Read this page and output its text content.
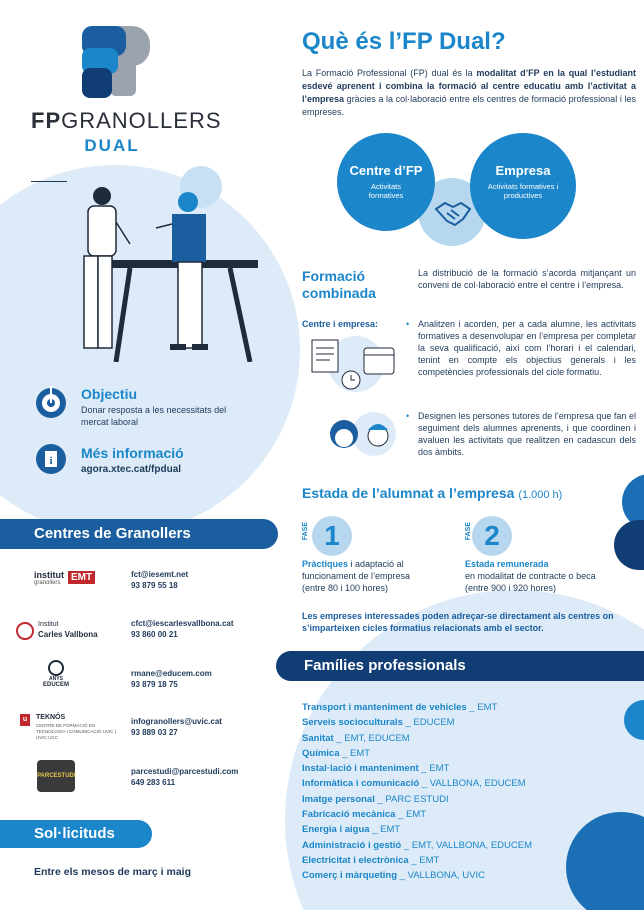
FPGRANOLLERS
DUAL
Què és l’FP Dual?
La Formació Professional (FP) dual és la modalitat d’FP en la qual l’estudiant esdevé aprenent i combina la formació al centre educatiu amb l’activitat a l’empresa gràcies a la col·laboració entre els centres de formació professional i les empreses.
Centre d’FP
Activitats formatives
Empresa
Activitats formatives i productives
Formació combinada
La distribució de la formació s’acorda mitjançant un conveni de col·laboració entre el centre i l’empresa.
Centre i empresa:
•	Analitzen i acorden, per a cada alumne, les activitats formatives a desenvolupar en l’empresa per completar la seva qualificació, així com l’horari i el calendari, tenint en compte els objectius generals i les competències professionals del cicle formatiu.
• Designen les persones tutores de l’empresa que fan el seguiment dels alumnes aprenents, i que coordinen i avaluen les activitats que realitzen en cadascun dels dos àmbits.
Estada de l’alumnat a l’empresa (1.000 h)
FASE 1
Pràctiques i adaptació al funcionament de l’empresa
(entre 80 i 100 hores)
FASE 2
Estada remunerada
en modalitat de contracte o beca
(entre 900 i 920 hores)
Les empreses interessades poden adreçar-se directament als centres on s’imparteixen cicles formatius relacionats amb el sector.
Objectiu
Donar resposta a les necessitats del mercat laboral
i Més informació
agora.xtec.cat/fpdual
Centres de Granollers
institut
granollers	EMT	fct@iesemt.net
93 879 55 18
Institut
Carles Vallbona
cfct@iescarlesvallbona.cat
93 860 00 21
ANYS
EDUCEM
rmane@educem.com
93 879 18 75
u	TEKNÓS
CENTRE DE FORMACIÓ EN TECNOLOGIA I COMUNICACIÓ UVIC | UVIC·UCC
infogranollers@uvic.cat
93 889 03 27
PARCESTUDI	parcestudi@parcestudi.com
649 283 611
Sol·licituds
Entre els mesos de març i maig
Famílies professionals
Transport i manteniment de vehicles _ EMT
Serveis socioculturals _ EDUCEM
Sanitat _ EMT, EDUCEM
Química _ EMT
Instal·lació i manteniment _ EMT
Informàtica i comunicació _ VALLBONA, EDUCEM
Imatge personal _ PARC ESTUDI
Fabricació mecànica _ EMT
Energia i aigua _ EMT
Administració i gestió _ EMT, VALLBONA, EDUCEM
Electricitat i electrònica _ EMT
Comerç i màrqueting _ VALLBONA, UVIC
